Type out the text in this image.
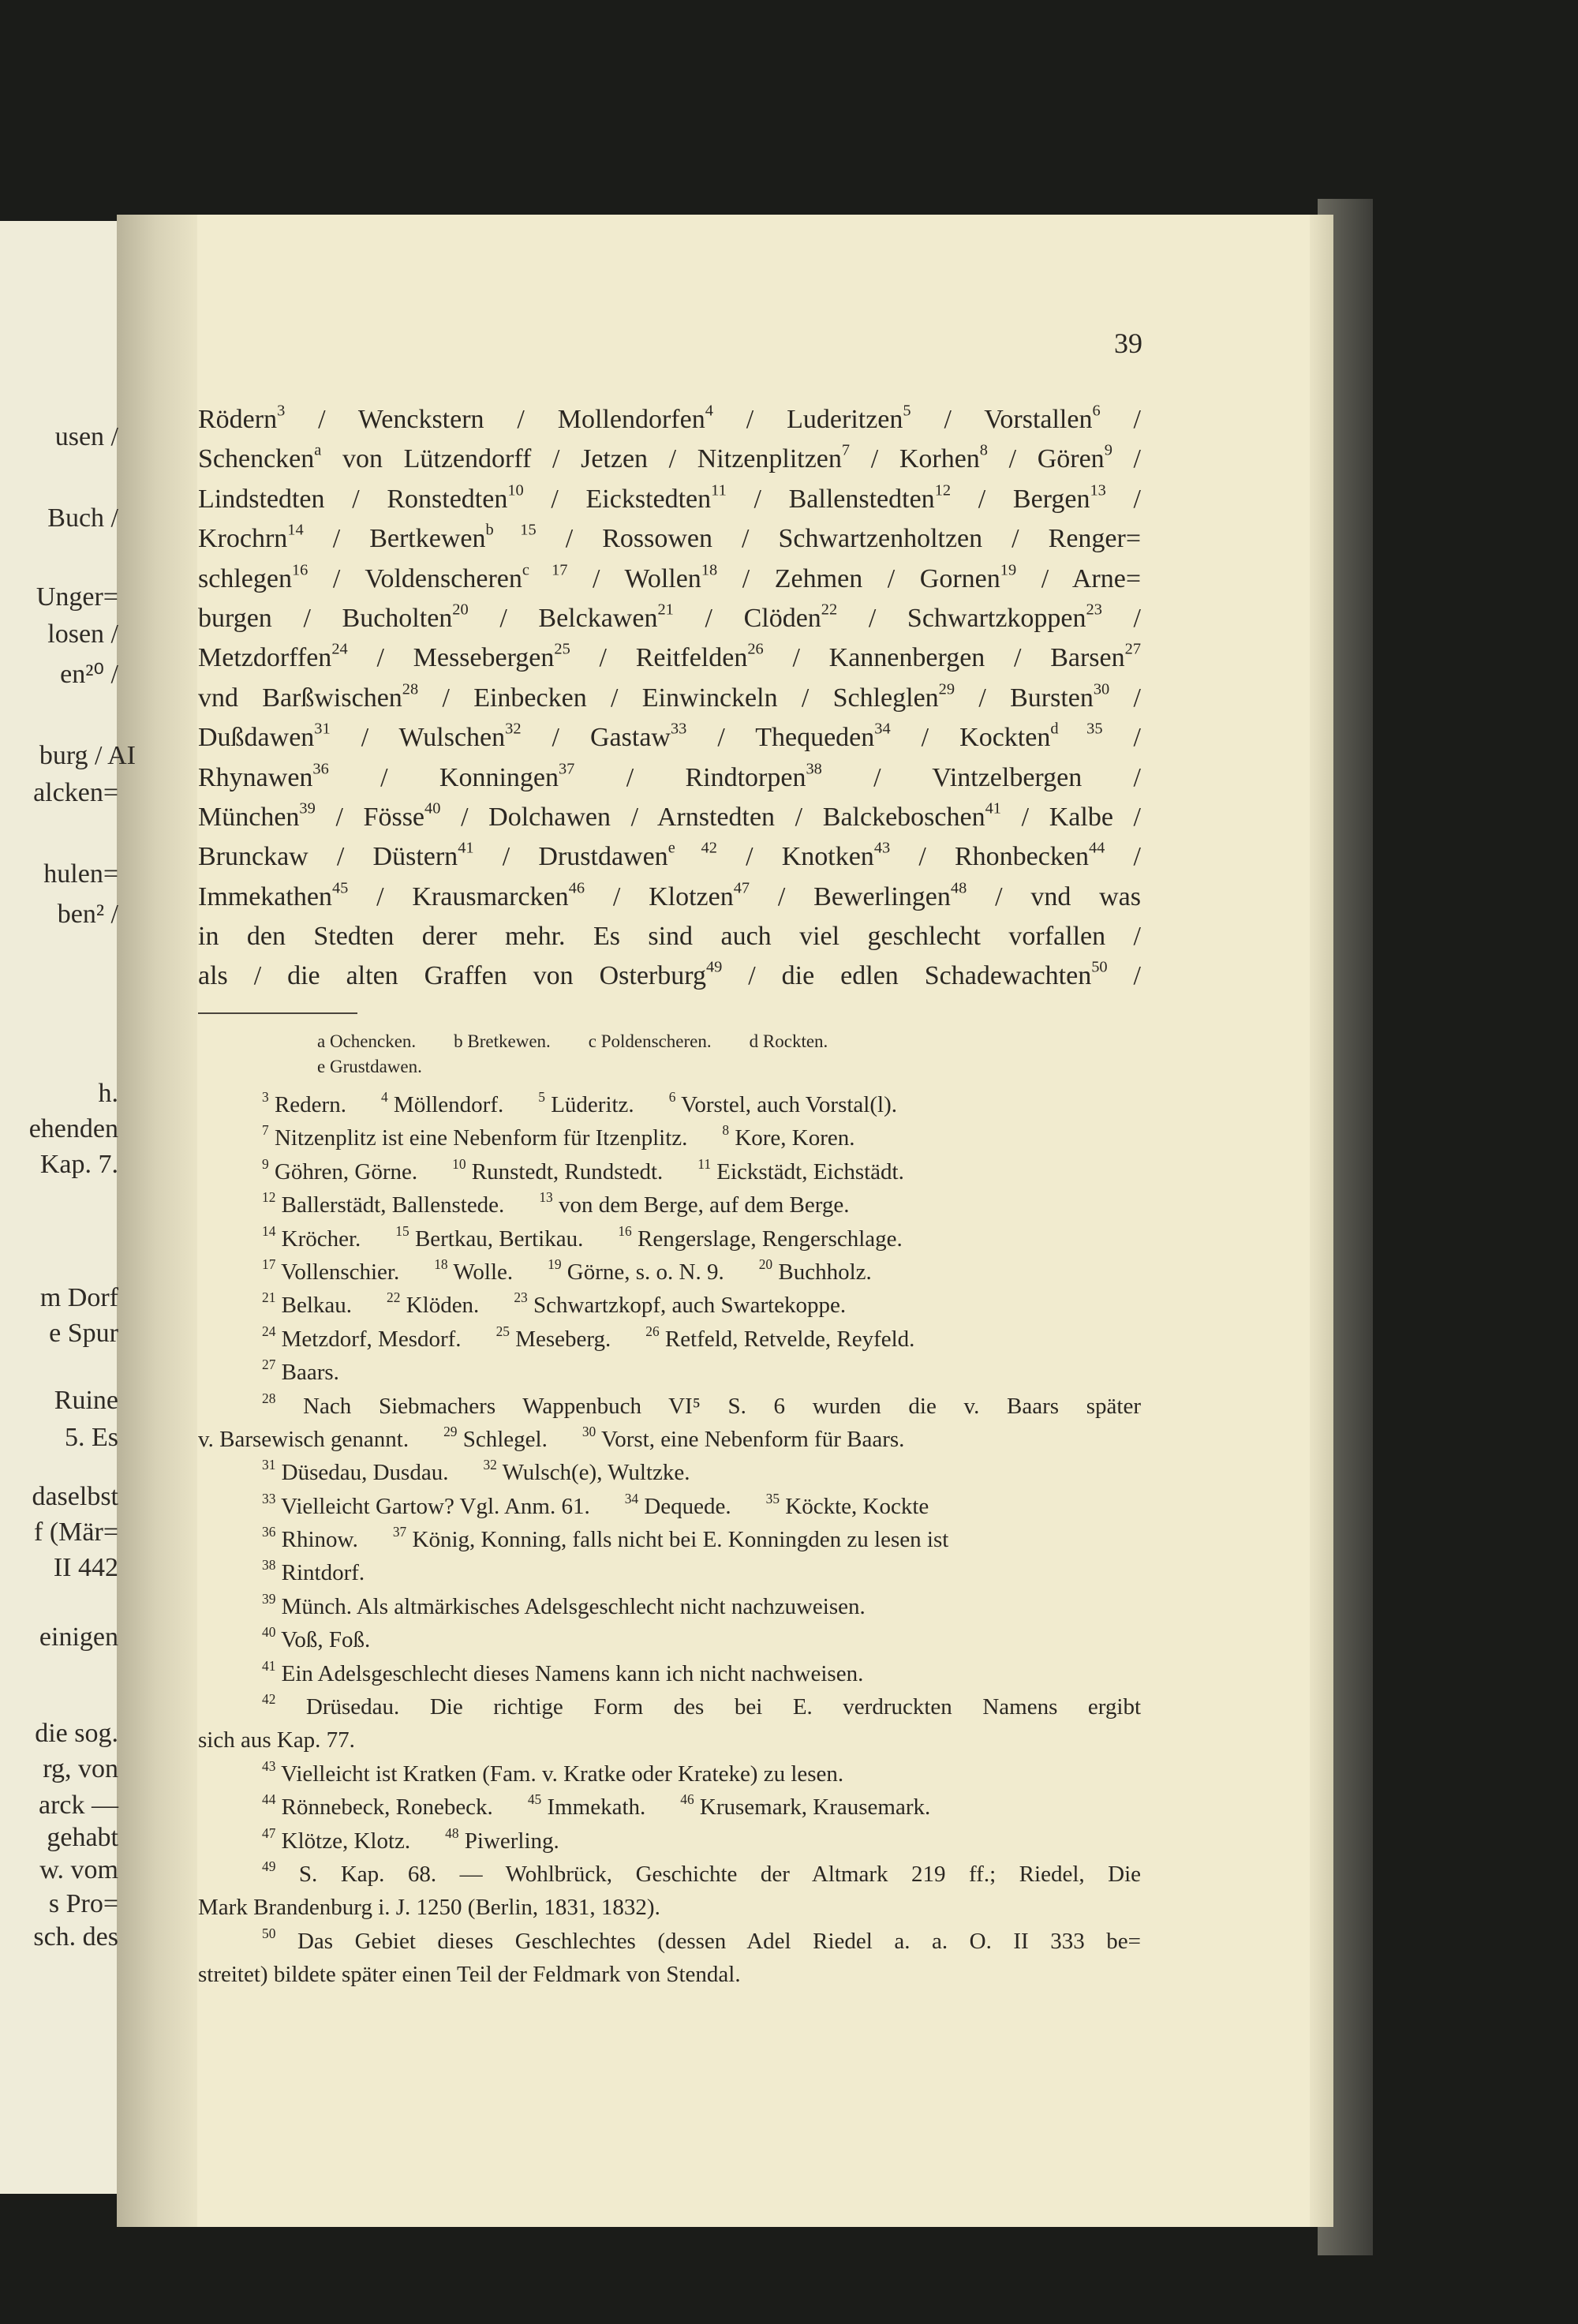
usen /
Buch /
Unger=
losen /
en²⁰ /
burg / AI
alcken=
hulen=
ben² /
h.
ehenden
Kap. 7.
m Dorf
e Spur
Ruine
5. Es
daselbst
f (Mär=
II 442
einigen
die sog.
rg, von
arck —
gehabt
w. vom
s Pro=
sch. des
39
Rödern$^3$ / Wenckstern / Mollendorfen$^4$ / Luderitzen$^5$ / Vorstallen$^6$ /
Schencken$^a$ von Lützendorff / Jetzen / Nitzenplitzen$^7$ / Korhen$^8$ / Gören$^9$ /
Lindstedten / Ronstedten$^{10}$ / Eickstedten$^{11}$ / Ballenstedten$^{12}$ / Bergen$^{13}$ /
Krochrn$^{14}$ / Bertkewen$^{b 15}$ / Rossowen / Schwartzenholtzen / Renger=
schlegen$^{16}$ / Voldenscheren$^{c 17}$ / Wollen$^{18}$ / Zehmen / Gornen$^{19}$ / Arne=
burgen / Bucholten$^{20}$ / Belckawen$^{21}$ / Clöden$^{22}$ / Schwartzkoppen$^{23}$ /
Metzdorffen$^{24}$ / Messebergen$^{25}$ / Reitfelden$^{26}$ / Kannenbergen / Barsen$^{27}$
vnd Barßwischen$^{28}$ / Einbecken / Einwinckeln / Schleglen$^{29}$ / Bursten$^{30}$ /
Dußdawen$^{31}$ / Wulschen$^{32}$ / Gastaw$^{33}$ / Thequeden$^{34}$ / Kockten$^{d 35}$ /
Rhynawen$^{36}$ / Konningen$^{37}$ / Rindtorpen$^{38}$ / Vintzelbergen /
München$^{39}$ / Fösse$^{40}$ / Dolchawen / Arnstedten / Balckeboschen$^{41}$ / Kalbe /
Brunckaw / Düstern$^{41}$ / Drustdawen$^{e 42}$ / Knotken$^{43}$ / Rhonbecken$^{44}$ /
Immekathen$^{45}$ / Krausmarcken$^{46}$ / Klotzen$^{47}$ / Bewerlingen$^{48}$ / vnd was
in den Stedten derer mehr. Es sind auch viel geschlecht vorfallen /
als / die alten Graffen von Osterburg$^{49}$ / die edlen Schadewachten$^{50}$ /
a Ochencken. b Bretkewen. c Poldenscheren. d Rockten.
e Grustdawen.
$^3$ Redern.	$^4$ Möllendorf.	$^5$ Lüderitz.	$^6$ Vorstel, auch Vorstal(l).
$^7$ Nitzenplitz ist eine Nebenform für Itzenplitz.	$^8$ Kore, Koren.
$^9$ Göhren, Görne.	$^{10}$ Runstedt, Rundstedt.	$^{11}$ Eickstädt, Eichstädt.
$^{12}$ Ballerstädt, Ballenstede.	$^{13}$ von dem Berge, auf dem Berge.
$^{14}$ Kröcher.	$^{15}$ Bertkau, Bertikau.	$^{16}$ Rengerslage, Rengerschlage.
$^{17}$ Vollenschier.	$^{18}$ Wolle.	$^{19}$ Görne, s. o. N. 9.	$^{20}$ Buchholz.
$^{21}$ Belkau.	$^{22}$ Klöden.	$^{23}$ Schwartzkopf, auch Swartekoppe.
$^{24}$ Metzdorf, Mesdorf.	$^{25}$ Meseberg.	$^{26}$ Retfeld, Retvelde, Reyfeld.
$^{27}$ Baars.
$^{28}$ Nach Siebmachers Wappenbuch VI⁵ S. 6 wurden die v. Baars später
v. Barsewisch genannt.	$^{29}$ Schlegel.	$^{30}$ Vorst, eine Nebenform für Baars.
$^{31}$ Düsedau, Dusdau.	$^{32}$ Wulsch(e), Wultzke.
$^{33}$ Vielleicht Gartow? Vgl. Anm. 61.	$^{34}$ Dequede.	$^{35}$ Köckte, Kockte
$^{36}$ Rhinow.	$^{37}$ König, Konning, falls nicht bei E. Konningden zu lesen ist
$^{38}$ Rintdorf.
$^{39}$ Münch. Als altmärkisches Adelsgeschlecht nicht nachzuweisen.
$^{40}$ Voß, Foß.
$^{41}$ Ein Adelsgeschlecht dieses Namens kann ich nicht nachweisen.
$^{42}$ Drüsedau. Die richtige Form des bei E. verdruckten Namens ergibt
sich aus Kap. 77.
$^{43}$ Vielleicht ist Kratken (Fam. v. Kratke oder Krateke) zu lesen.
$^{44}$ Rönnebeck, Ronebeck.	$^{45}$ Immekath.	$^{46}$ Krusemark, Krausemark.
$^{47}$ Klötze, Klotz.	$^{48}$ Piwerling.
$^{49}$ S. Kap. 68. — Wohlbrück, Geschichte der Altmark 219 ff.; Riedel, Die
Mark Brandenburg i. J. 1250 (Berlin, 1831, 1832).
$^{50}$ Das Gebiet dieses Geschlechtes (dessen Adel Riedel a. a. O. II 333 be=
streitet) bildete später einen Teil der Feldmark von Stendal.
